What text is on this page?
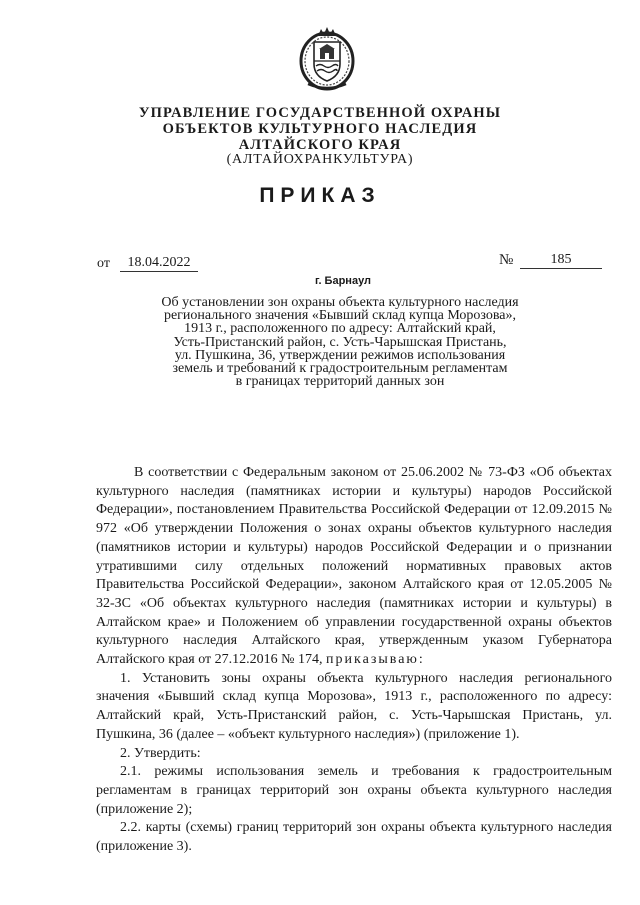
УПРАВЛЕНИЕ ГОСУДАРСТВЕННОЙ ОХРАНЫ
ОБЪЕКТОВ КУЛЬТУРНОГО НАСЛЕДИЯ
АЛТАЙСКОГО КРАЯ
(АЛТАЙОХРАНКУЛЬТУРА)
ПРИКАЗ
от	18.04.2022	№	185
г. Барнаул
Об установлении зон охраны объекта культурного наследия
регионального значения «Бывший склад купца Морозова»,
1913 г., расположенного по адресу: Алтайский край,
Усть-Пристанский район, с. Усть-Чарышская Пристань,
ул. Пушкина, 36, утверждении режимов использования
земель и требований к градостроительным регламентам
в границах территорий данных зон

В соответствии с Федеральным законом от 25.06.2002 № 73-ФЗ «Об объектах культурного наследия (памятниках истории и культуры) народов Российской Федерации», постановлением Правительства Российской Федерации от 12.09.2015 № 972 «Об утверждении Положения о зонах охраны объектов культурного наследия (памятников истории и культуры) народов Российской Федерации и о признании утратившими силу отдельных положений нормативных правовых актов Правительства Российской Федерации», законом Алтайского края от 12.05.2005 № 32-ЗС «Об объектах культурного наследия (памятниках истории и культуры) в Алтайском крае» и Положением об управлении государственной охраны объектов культурного наследия Алтайского края, утвержденным указом Губернатора Алтайского края от 27.12.2016 № 174, приказываю:

1. Установить зоны охраны объекта культурного наследия регионального значения «Бывший склад купца Морозова», 1913 г., расположенного по адресу: Алтайский край, Усть-Пристанский район, с. Усть-Чарышская Пристань, ул. Пушкина, 36 (далее – «объект культурного наследия») (приложение 1).

2. Утвердить:

2.1. режимы использования земель и требования к градостроительным регламентам в границах территорий зон охраны объекта культурного наследия (приложение 2);

2.2. карты (схемы) границ территорий зон охраны объекта культурного наследия (приложение 3).
